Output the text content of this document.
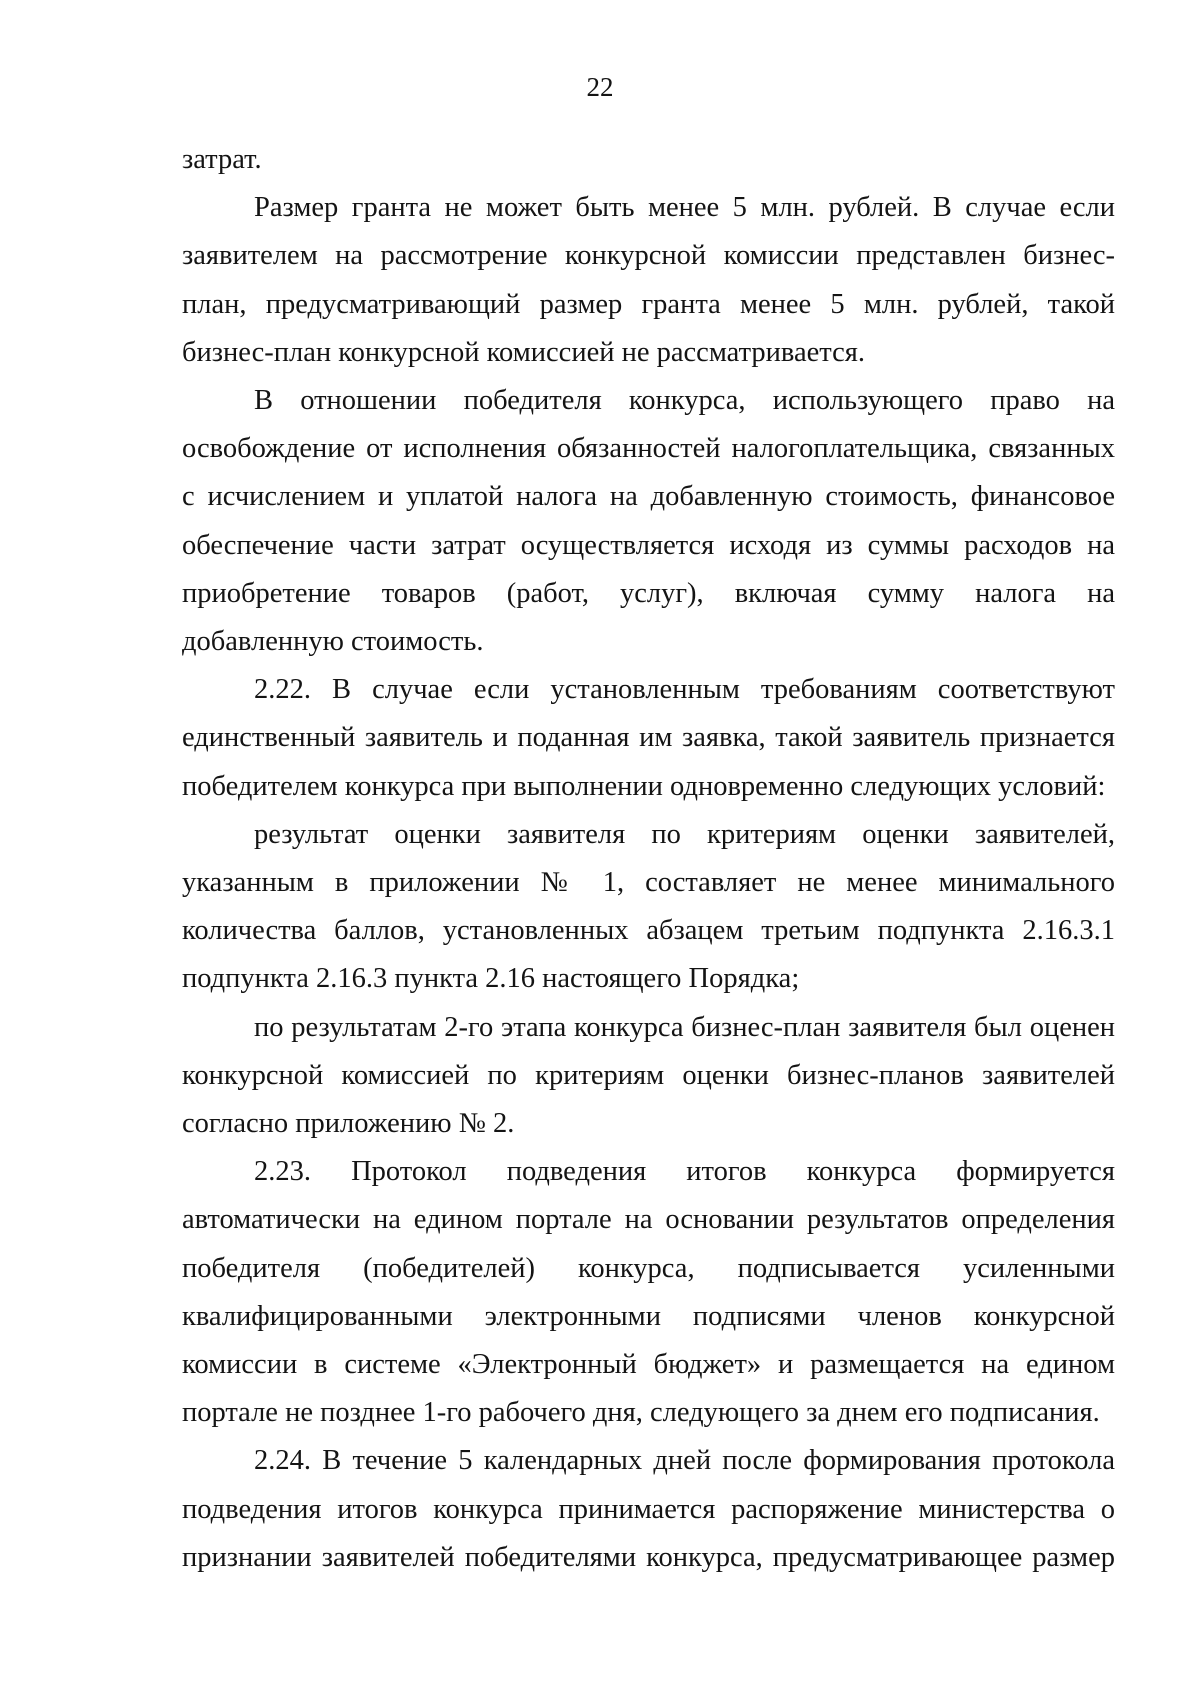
22

затрат.

Размер гранта не может быть менее 5 млн. рублей. В случае если заявителем на рассмотрение конкурсной комиссии представлен бизнес-план, предусматривающий размер гранта менее 5 млн. рублей, такой бизнес-план конкурсной комиссией не рассматривается.

В отношении победителя конкурса, использующего право на освобождение от исполнения обязанностей налогоплательщика, связанных с исчислением и уплатой налога на добавленную стоимость, финансовое обеспечение части затрат осуществляется исходя из суммы расходов на приобретение товаров (работ, услуг), включая сумму налога на добавленную стоимость.

2.22. В случае если установленным требованиям соответствуют единственный заявитель и поданная им заявка, такой заявитель признается победителем конкурса при выполнении одновременно следующих условий:

результат оценки заявителя по критериям оценки заявителей, указанным в приложении № 1, составляет не менее минимального количества баллов, установленных абзацем третьим подпункта 2.16.3.1 подпункта 2.16.3 пункта 2.16 настоящего Порядка;

по результатам 2-го этапа конкурса бизнес-план заявителя был оценен конкурсной комиссией по критериям оценки бизнес-планов заявителей согласно приложению № 2.

2.23. Протокол подведения итогов конкурса формируется автоматически на едином портале на основании результатов определения победителя (победителей) конкурса, подписывается усиленными квалифицированными электронными подписями членов конкурсной комиссии в системе «Электронный бюджет» и размещается на едином портале не позднее 1-го рабочего дня, следующего за днем его подписания.

2.24. В течение 5 календарных дней после формирования протокола подведения итогов конкурса принимается распоряжение министерства о признании заявителей победителями конкурса, предусматривающее размер
